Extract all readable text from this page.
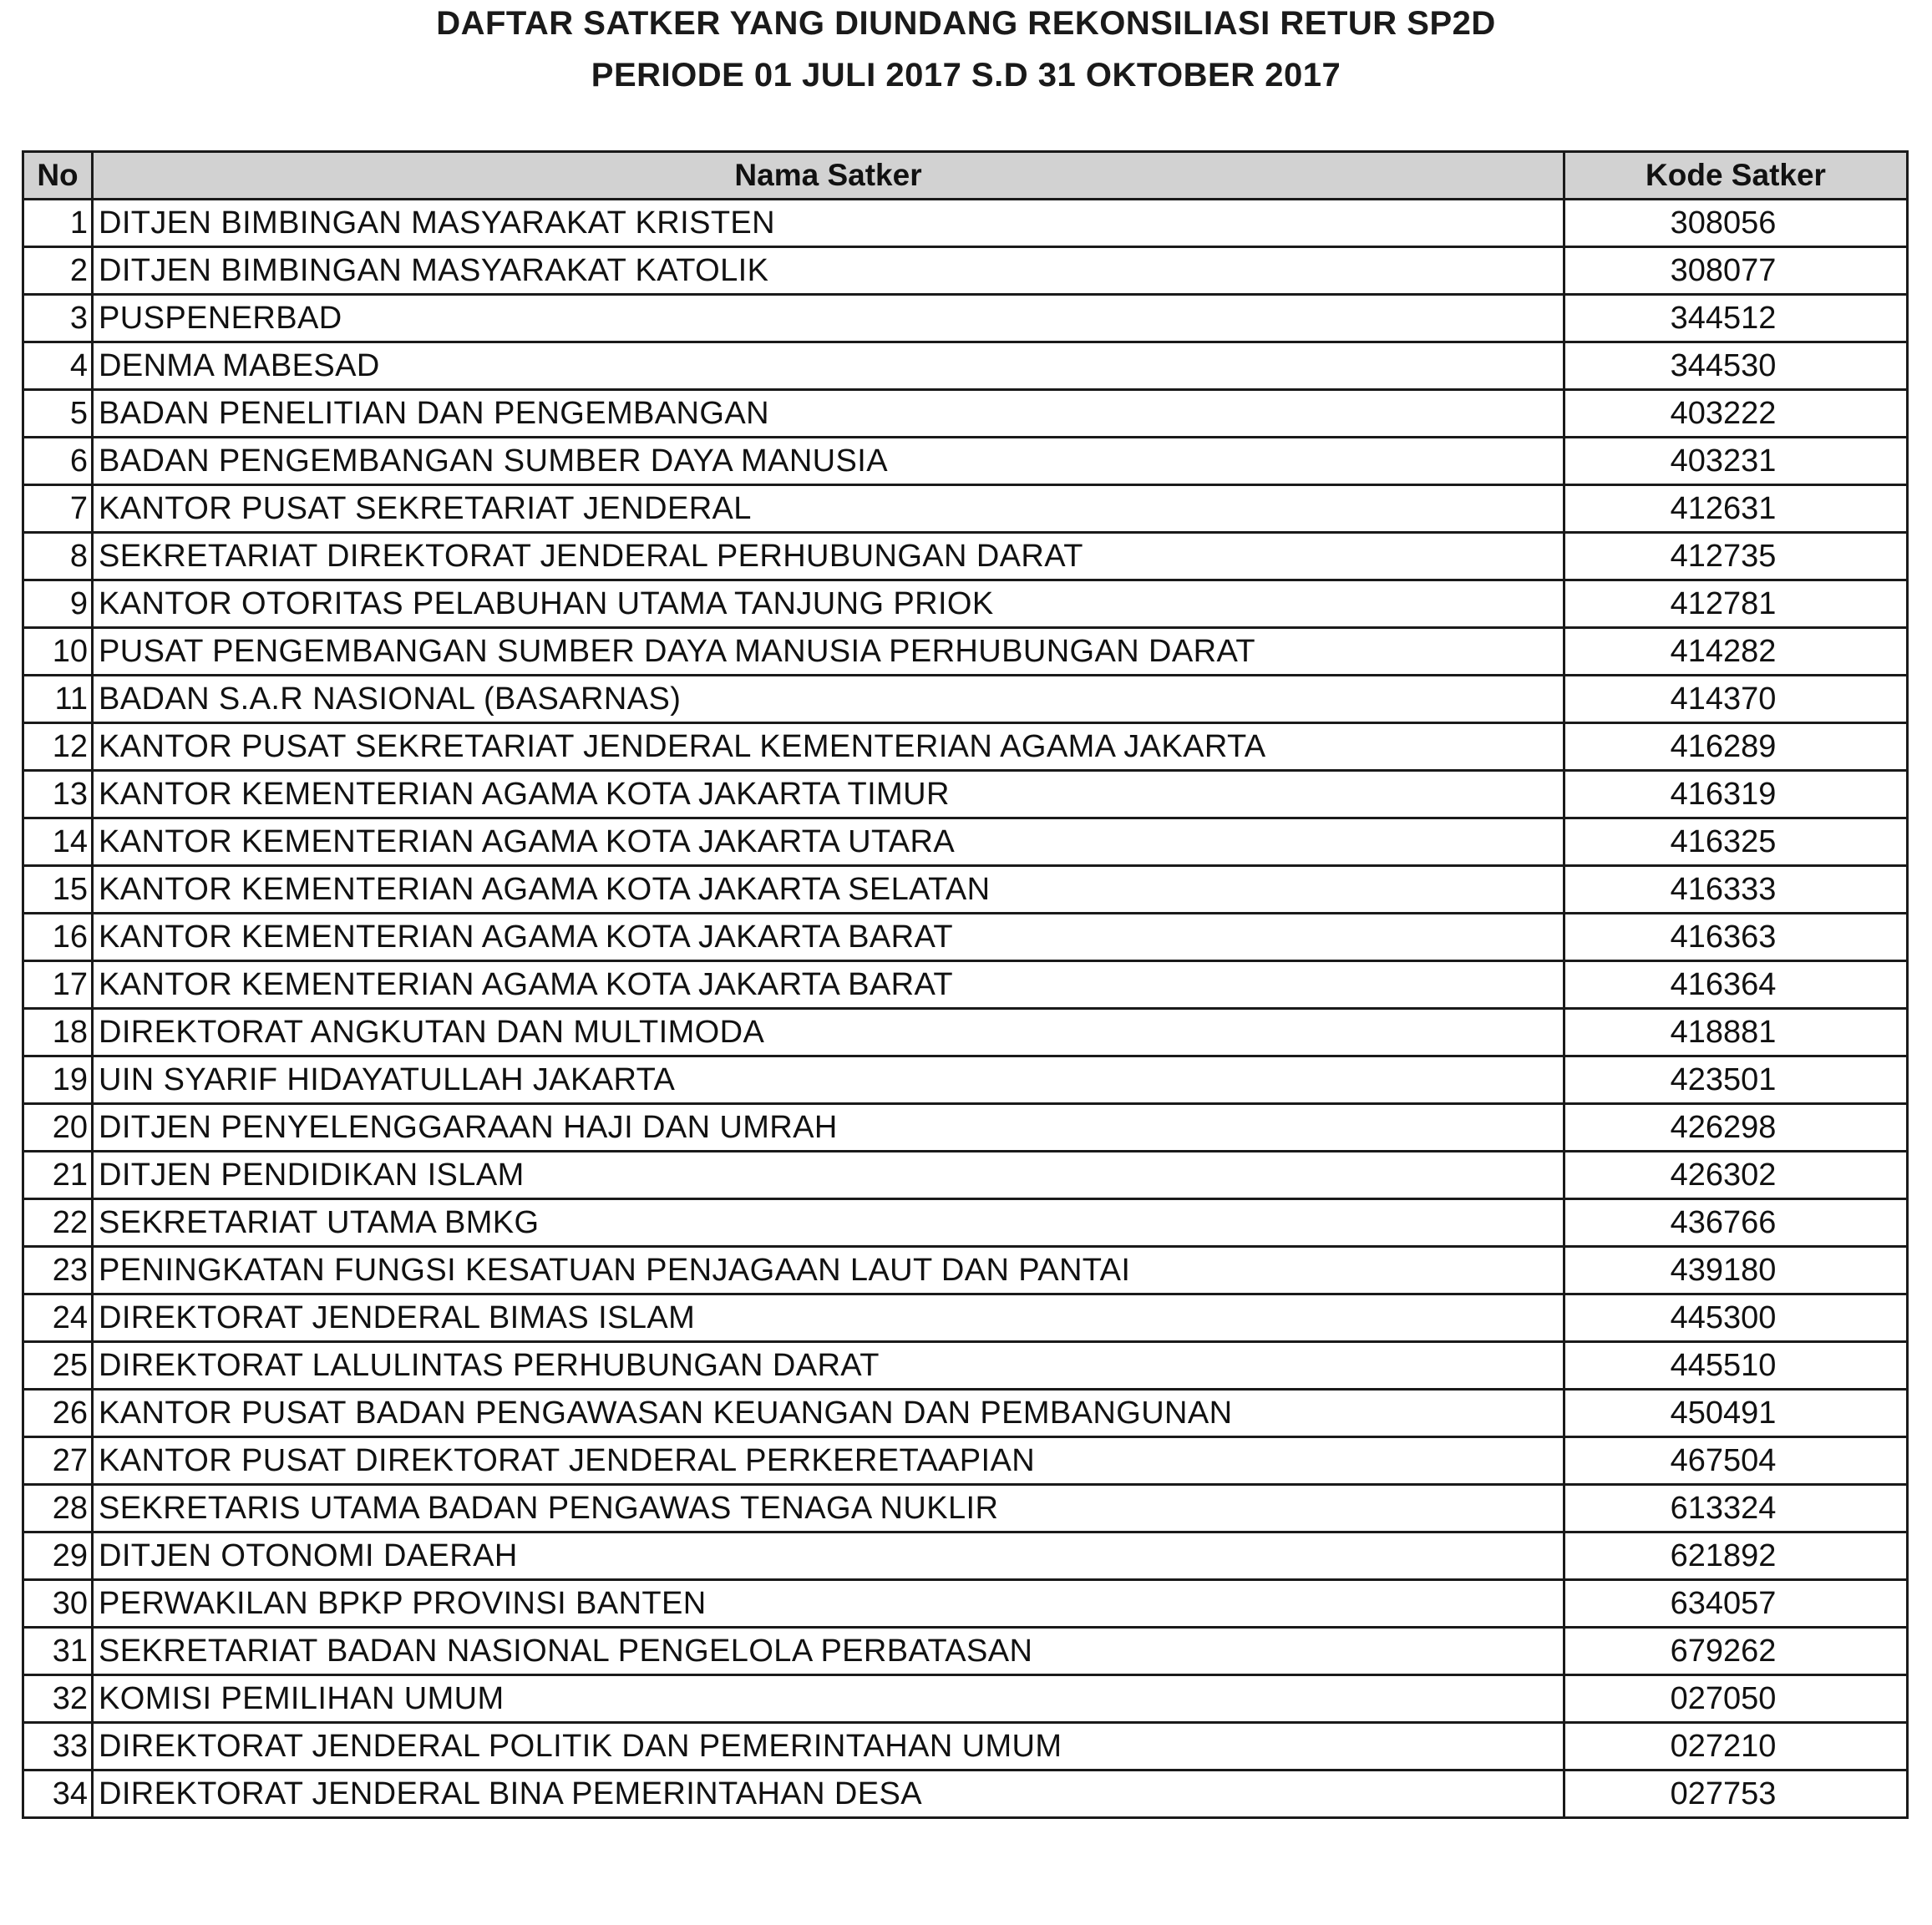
DAFTAR SATKER YANG DIUNDANG REKONSILIASI RETUR SP2D
PERIODE 01 JULI 2017 S.D 31 OKTOBER 2017
No	Nama Satker	Kode Satker
1	DITJEN BIMBINGAN MASYARAKAT KRISTEN	308056
2	DITJEN BIMBINGAN MASYARAKAT KATOLIK	308077
3	PUSPENERBAD	344512
4	DENMA MABESAD	344530
5	BADAN PENELITIAN DAN PENGEMBANGAN	403222
6	BADAN PENGEMBANGAN SUMBER DAYA MANUSIA	403231
7	KANTOR PUSAT SEKRETARIAT JENDERAL	412631
8	SEKRETARIAT DIREKTORAT JENDERAL PERHUBUNGAN DARAT	412735
9	KANTOR OTORITAS PELABUHAN UTAMA TANJUNG PRIOK	412781
10	PUSAT PENGEMBANGAN SUMBER DAYA MANUSIA PERHUBUNGAN DARAT	414282
11	BADAN S.A.R NASIONAL (BASARNAS)	414370
12	KANTOR PUSAT SEKRETARIAT JENDERAL KEMENTERIAN AGAMA JAKARTA	416289
13	KANTOR KEMENTERIAN AGAMA KOTA JAKARTA TIMUR	416319
14	KANTOR KEMENTERIAN AGAMA KOTA JAKARTA UTARA	416325
15	KANTOR KEMENTERIAN AGAMA KOTA JAKARTA SELATAN	416333
16	KANTOR KEMENTERIAN AGAMA KOTA JAKARTA BARAT	416363
17	KANTOR KEMENTERIAN AGAMA KOTA JAKARTA BARAT	416364
18	DIREKTORAT ANGKUTAN DAN MULTIMODA	418881
19	UIN SYARIF HIDAYATULLAH JAKARTA	423501
20	DITJEN PENYELENGGARAAN HAJI DAN UMRAH	426298
21	DITJEN PENDIDIKAN ISLAM	426302
22	SEKRETARIAT UTAMA BMKG	436766
23	PENINGKATAN FUNGSI KESATUAN PENJAGAAN LAUT DAN PANTAI	439180
24	DIREKTORAT JENDERAL BIMAS ISLAM	445300
25	DIREKTORAT LALULINTAS PERHUBUNGAN DARAT	445510
26	KANTOR PUSAT BADAN PENGAWASAN KEUANGAN DAN PEMBANGUNAN	450491
27	KANTOR PUSAT DIREKTORAT JENDERAL PERKERETAAPIAN	467504
28	SEKRETARIS UTAMA BADAN PENGAWAS TENAGA NUKLIR	613324
29	DITJEN OTONOMI DAERAH	621892
30	PERWAKILAN BPKP PROVINSI BANTEN	634057
31	SEKRETARIAT BADAN NASIONAL PENGELOLA PERBATASAN	679262
32	KOMISI PEMILIHAN UMUM	027050
33	DIREKTORAT JENDERAL POLITIK DAN PEMERINTAHAN UMUM	027210
34	DIREKTORAT JENDERAL BINA PEMERINTAHAN DESA	027753
